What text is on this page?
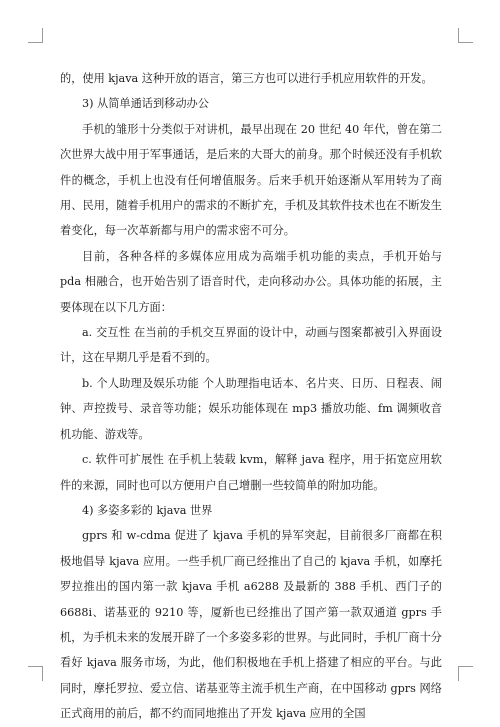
的，使用 kjava 这种开放的语言，第三方也可以进行手机应用软件的开发。

3) 从简单通话到移动办公

手机的雏形十分类似于对讲机，最早出现在 20 世纪 40 年代，曾在第二次世界大战中用于军事通话，是后来的大哥大的前身。那个时候还没有手机软件的概念，手机上也没有任何增值服务。后来手机开始逐渐从军用转为了商用、民用，随着手机用户的需求的不断扩充，手机及其软件技术也在不断发生着变化，每一次革新都与用户的需求密不可分。

目前，各种各样的多媒体应用成为高端手机功能的卖点，手机开始与 pda 相融合，也开始告别了语音时代，走向移动办公。具体功能的拓展，主要体现在以下几方面：

a. 交互性 在当前的手机交互界面的设计中，动画与图案都被引入界面设计，这在早期几乎是看不到的。

b. 个人助理及娱乐功能 个人助理指电话本、名片夹、日历、日程表、闹钟、声控拨号、录音等功能；娱乐功能体现在 mp3 播放功能、fm 调频收音机功能、游戏等。

c. 软件可扩展性 在手机上装载 kvm，解释 java 程序，用于拓宽应用软件的来源，同时也可以方便用户自己增删一些较简单的附加功能。

4) 多姿多彩的 kjava 世界

gprs 和 w-cdma 促进了 kjava 手机的异军突起，目前很多厂商都在积极地倡导 kjava 应用。一些手机厂商已经推出了自己的 kjava 手机，如摩托罗拉推出的国内第一款 kjava 手机 a6288 及最新的 388 手机、西门子的 6688i、诺基亚的 9210 等，厦新也已经推出了国产第一款双通道 gprs 手机，为手机未来的发展开辟了一个多姿多彩的世界。与此同时，手机厂商十分看好 kjava 服务市场，为此，他们积极地在手机上搭建了相应的平台。与此同时，摩托罗拉、爱立信、诺基亚等主流手机生产商，在中国移动 gprs 网络正式商用的前后，都不约而同地推出了开发 kjava 应用的全国
